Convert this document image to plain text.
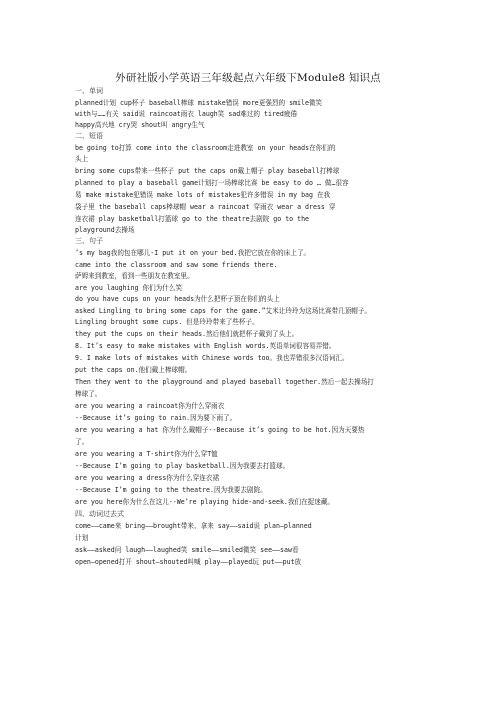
外研社版小学英语三年级起点六年级下Module8 知识点
一、单词
planned计划 cup杯子 baseball棒球 mistake错误 more更强烈的 smile微笑
with与……有关 said说 raincoat雨衣 laugh笑 sad难过的 tired疲倦
happy高兴地 cry哭 shout叫 angry生气
二、短语
be going to打算 come into the classroom走进教室 on your heads在你们的
头上
bring some cups带来一些杯子 put the caps on戴上帽子 play baseball打棒球
planned to play a baseball game计划打一场棒球比赛 be easy to do … 做…很容
易 make mistake犯错误 make lots of mistakes犯许多错误 in my bag 在我
袋子里 the baseball caps棒球帽 wear a raincoat 穿雨衣 wear a dress 穿
连衣裙 play basketball打篮球 go to the theatre去剧院 go to the
playground去操场
三、句子
’s my bag我的包在哪儿-I put it on your bed.我把它放在你的床上了。
came into the classroom and saw some friends there.
萨姆来到教室，看到一些朋友在教室里。
are you laughing 你们为什么笑
do you have cups on your heads为什么把杯子顶在你们的头上
asked Lingling to bring some caps for the game.”艾米让玲玲为这场比赛带几顶帽子。
Lingling brought some cups. 但是玲玲带来了些杯子。
they put the cups on their heads.然后他们就把杯子戴到了头上。
8. It’s easy to make mistakes with English words.英语单词很容易弄错。
9. I make lots of mistakes with Chinese words too。我也弄错很多汉语词汇。
put the caps on.他们戴上棒球帽。
Then they went to the playground and played baseball together.然后一起去操场打
棒球了。
are you wearing a raincoat你为什么穿雨衣
--Because it’s going to rain.因为要下雨了。
are you wearing a hat 你为什么戴帽子--Because it’s going to be hot.因为天要热
了。
are you wearing a T-shirt你为什么穿T恤
--Because I’m going to play basketball.因为我要去打篮球。
are you wearing a dress你为什么穿连衣裙
--Because I’m going to the theatre.因为我要去剧院。
are you here你为什么在这儿--We’re playing hide-and-seek.我们在捉迷藏。
四、动词过去式
come——came来 bring——brought带来、拿来 say——said说 plan—planned
计划
ask——asked问 laugh——laughed笑 smile——smiled微笑 see——saw看
open—opened打开 shout—shouted叫喊 play——played玩 put——put放
